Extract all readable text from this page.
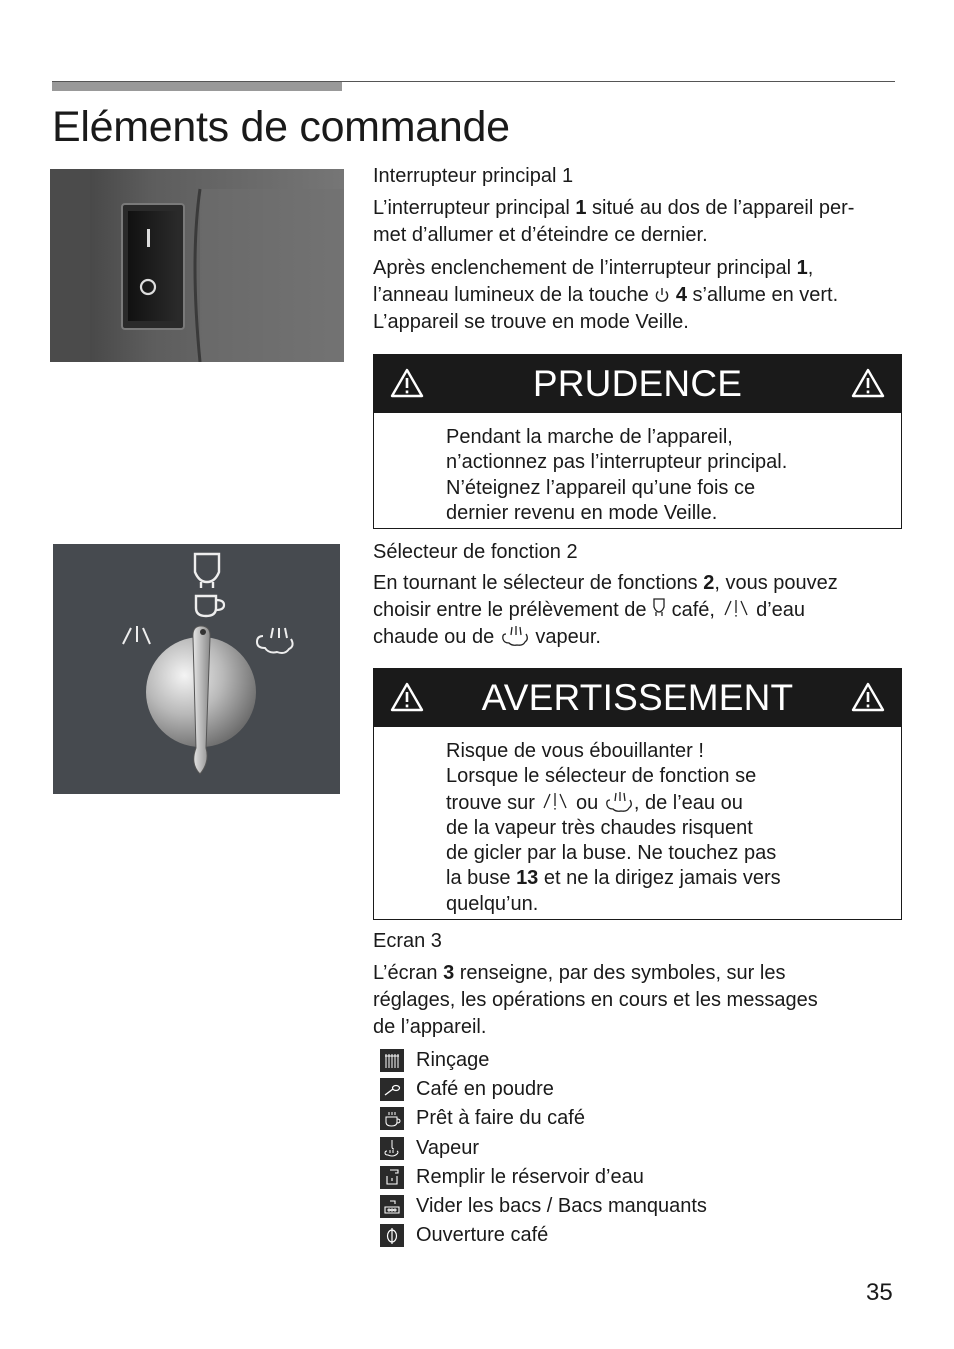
Eléments de commande
Interrupteur principal 1

L’interrupteur principal 1 situé au dos de l’appareil per-
met d’allumer et d’éteindre ce dernier.

Après enclenchement de l’interrupteur principal 1,
l’anneau lumineux de la touche  4 s’allume en vert.
L’appareil se trouve en mode Veille.

PRUDENCE
Pendant la marche de l’appareil,
n’actionnez pas l’interrupteur principal.
N’éteignez l’appareil qu’une fois ce
dernier revenu en mode Veille.
Sélecteur de fonction 2

En tournant le sélecteur de fonctions 2, vous pouvez
choisir entre le prélèvement de  café,  d’eau
chaude ou de  vapeur.

AVERTISSEMENT
Risque de vous ébouillanter !
Lorsque le sélecteur de fonction se
trouve sur  ou , de l’eau ou
de la vapeur très chaudes risquent
de gicler par la buse. Ne touchez pas
la buse 13 et ne la dirigez jamais vers
quelqu’un.
Ecran 3

L’écran 3 renseigne, par des symboles, sur les
réglages, les opérations en cours et les messages
de l’appareil.

Rinçage
Café en poudre
Prêt à faire du café
Vapeur
Remplir le réservoir d’eau
Vider les bacs / Bacs manquants
Ouverture café
35
